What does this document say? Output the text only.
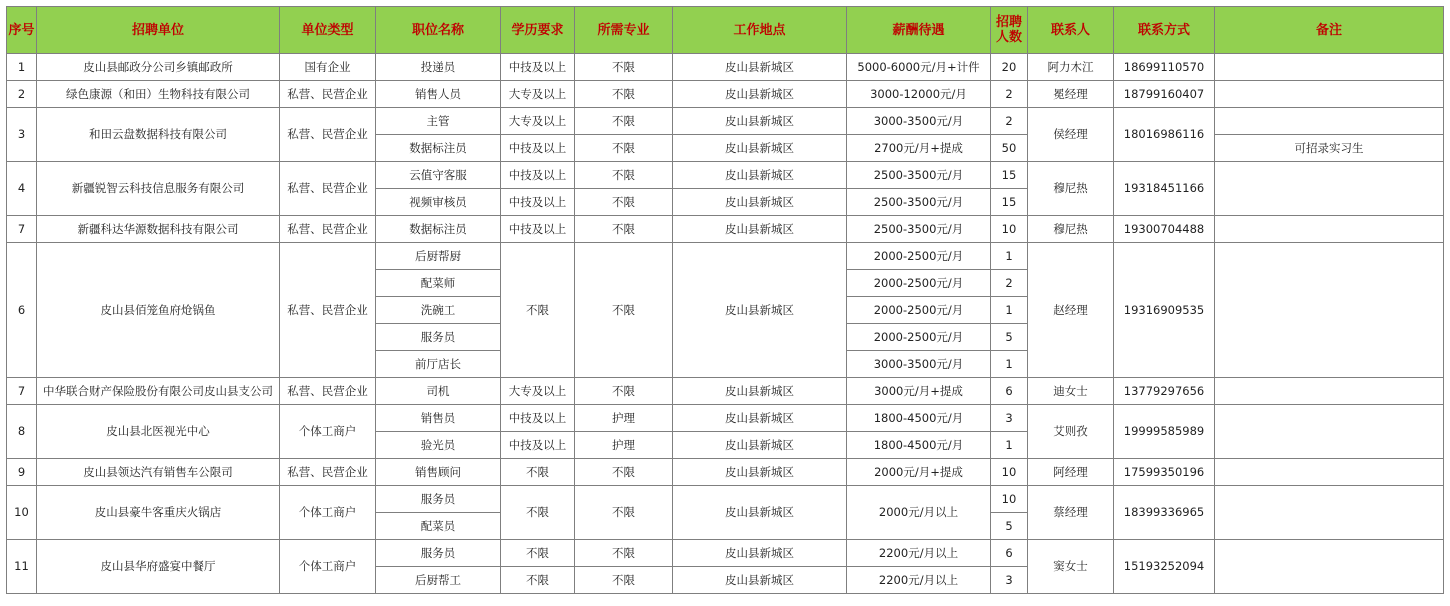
序号	招聘单位	单位类型	职位名称	学历要求	所需专业	工作地点	薪酬待遇	招聘人数	联系人	联系方式	备注
1	皮山县邮政分公司乡镇邮政所	国有企业	投递员	中技及以上	不限	皮山县新城区	5000-6000元/月+计件	20	阿力木江	18699110570	
2	绿色康源（和田）生物科技有限公司	私营、民营企业	销售人员	大专及以上	不限	皮山县新城区	3000-12000元/月	2	冕经理	18799160407	
3	和田云盘数据科技有限公司	私营、民营企业	主管	大专及以上	不限	皮山县新城区	3000-3500元/月	2	侯经理	18016986116	
			数据标注员	中技及以上	不限	皮山县新城区	2700元/月+提成	50			可招录实习生
4	新疆锐智云科技信息服务有限公司	私营、民营企业	云值守客服	中技及以上	不限	皮山县新城区	2500-3500元/月	15	穆尼热	19318451166	
			视频审核员	中技及以上	不限	皮山县新城区	2500-3500元/月	15			
7	新疆科达华源数据科技有限公司	私营、民营企业	数据标注员	中技及以上	不限	皮山县新城区	2500-3500元/月	10	穆尼热	19300704488	
6	皮山县佰笼鱼府炝锅鱼	私营、民营企业	后厨帮厨	不限	不限	皮山县新城区	2000-2500元/月	1	赵经理	19316909535	
			配菜师				2000-2500元/月	2			
			洗碗工				2000-2500元/月	1			
			服务员				2000-2500元/月	5			
			前厅店长				3000-3500元/月	1			
7	中华联合财产保险股份有限公司皮山县支公司	私营、民营企业	司机	大专及以上	不限	皮山县新城区	3000元/月+提成	6	迪女士	13779297656	
8	皮山县北医视光中心	个体工商户	销售员	中技及以上	护理	皮山县新城区	1800-4500元/月	3	艾则孜	19999585989	
			验光员	中技及以上	护理	皮山县新城区	1800-4500元/月	1			
9	皮山县领达汽有销售车公限司	私营、民营企业	销售顾问	不限	不限	皮山县新城区	2000元/月+提成	10	阿经理	17599350196	
10	皮山县豪牛客重庆火锅店	个体工商户	服务员	不限	不限	皮山县新城区	2000元/月以上	10	蔡经理	18399336965	
			配菜员					5			
11	皮山县华府盛宴中餐厅	个体工商户	服务员	不限	不限	皮山县新城区	2200元/月以上	6	窦女士	15193252094	
			后厨帮工	不限	不限	皮山县新城区	2200元/月以上	3			
